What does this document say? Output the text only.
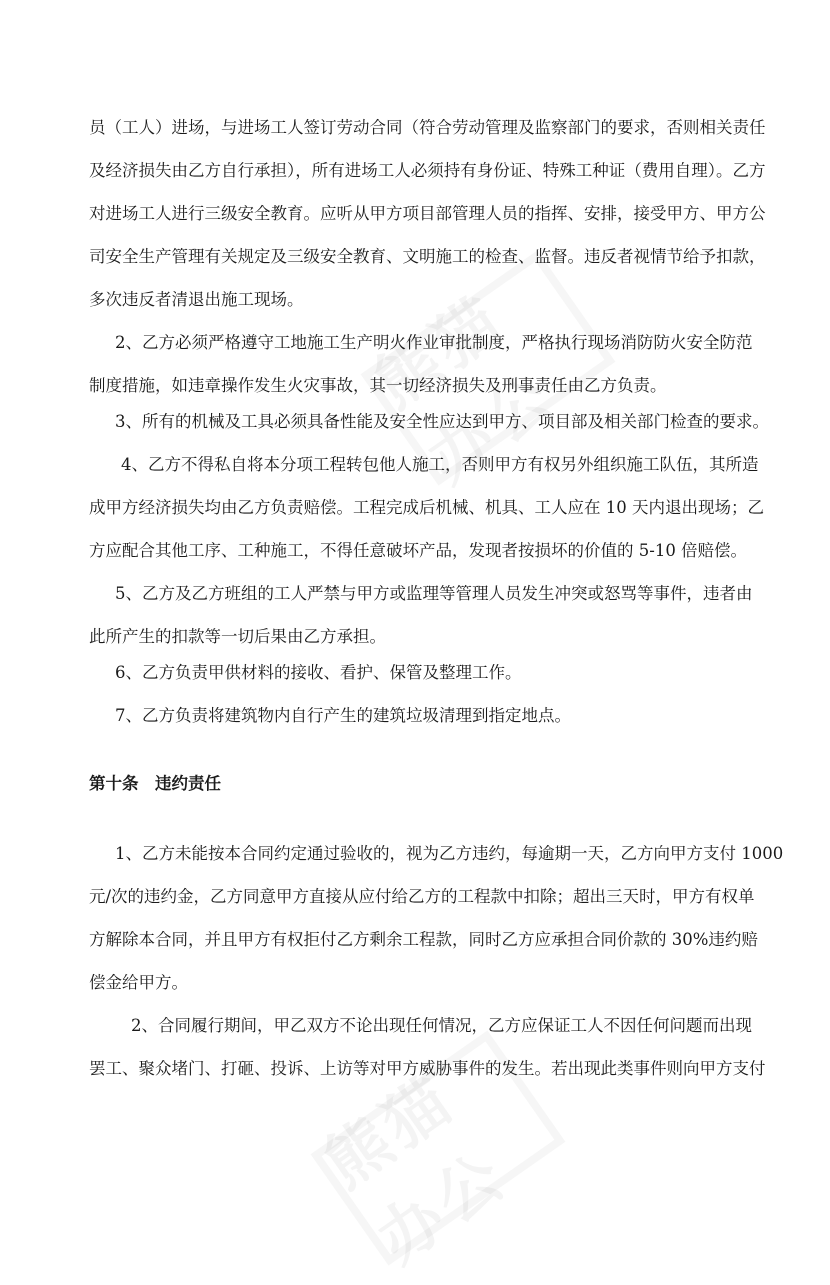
员（工人）进场，与进场工人签订劳动合同（符合劳动管理及监察部门的要求，否则相关责任
及经济损失由乙方自行承担），所有进场工人必须持有身份证、特殊工种证（费用自理）。乙方
对进场工人进行三级安全教育。应听从甲方项目部管理人员的指挥、安排，接受甲方、甲方公
司安全生产管理有关规定及三级安全教育、文明施工的检查、监督。违反者视情节给予扣款，
多次违反者清退出施工现场。

2、乙方必须严格遵守工地施工生产明火作业审批制度，严格执行现场消防防火安全防范
制度措施，如违章操作发生火灾事故，其一切经济损失及刑事责任由乙方负责。

3、所有的机械及工具必须具备性能及安全性应达到甲方、项目部及相关部门检查的要求。

4、乙方不得私自将本分项工程转包他人施工，否则甲方有权另外组织施工队伍，其所造
成甲方经济损失均由乙方负责赔偿。工程完成后机械、机具、工人应在 10 天内退出现场；乙
方应配合其他工序、工种施工，不得任意破坏产品，发现者按损坏的价值的 5-10 倍赔偿。

5、乙方及乙方班组的工人严禁与甲方或监理等管理人员发生冲突或怒骂等事件，违者由
此所产生的扣款等一切后果由乙方承担。

6、乙方负责甲供材料的接收、看护、保管及整理工作。

7、乙方负责将建筑物内自行产生的建筑垃圾清理到指定地点。

第十条　违约责任

1、乙方未能按本合同约定通过验收的，视为乙方违约，每逾期一天，乙方向甲方支付 1000
元/次的违约金，乙方同意甲方直接从应付给乙方的工程款中扣除；超出三天时，甲方有权单
方解除本合同，并且甲方有权拒付乙方剩余工程款，同时乙方应承担合同价款的 30%违约赔
偿金给甲方。

2、合同履行期间，甲乙双方不论出现任何情况，乙方应保证工人不因任何问题而出现
罢工、聚众堵门、打砸、投诉、上访等对甲方威胁事件的发生。若出现此类事件则向甲方支付
